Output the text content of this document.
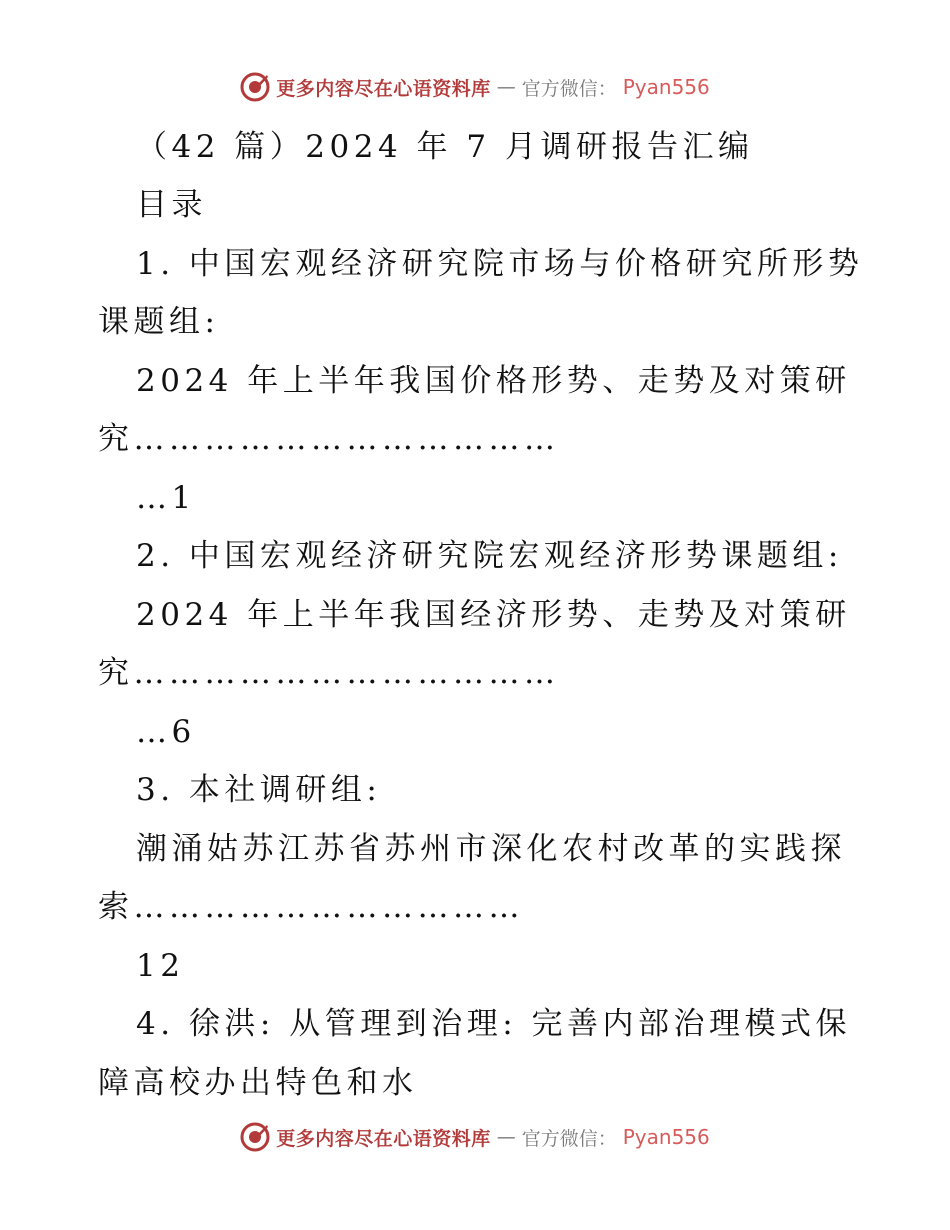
更多内容尽在心语资料库 — 官方微信： Pyan556
（42 篇）2024 年 7 月调研报告汇编
目录
1. 中国宏观经济研究院市场与价格研究所形势
课题组:
2024 年上半年我国价格形势、走势及对策研
究………………………………
…1
2. 中国宏观经济研究院宏观经济形势课题组:
2024 年上半年我国经济形势、走势及对策研
究………………………………
…6
3. 本社调研组:
潮涌姑苏江苏省苏州市深化农村改革的实践探
索……………………………
12
4. 徐洪: 从管理到治理: 完善内部治理模式保
障高校办出特色和水
更多内容尽在心语资料库 — 官方微信： Pyan556
